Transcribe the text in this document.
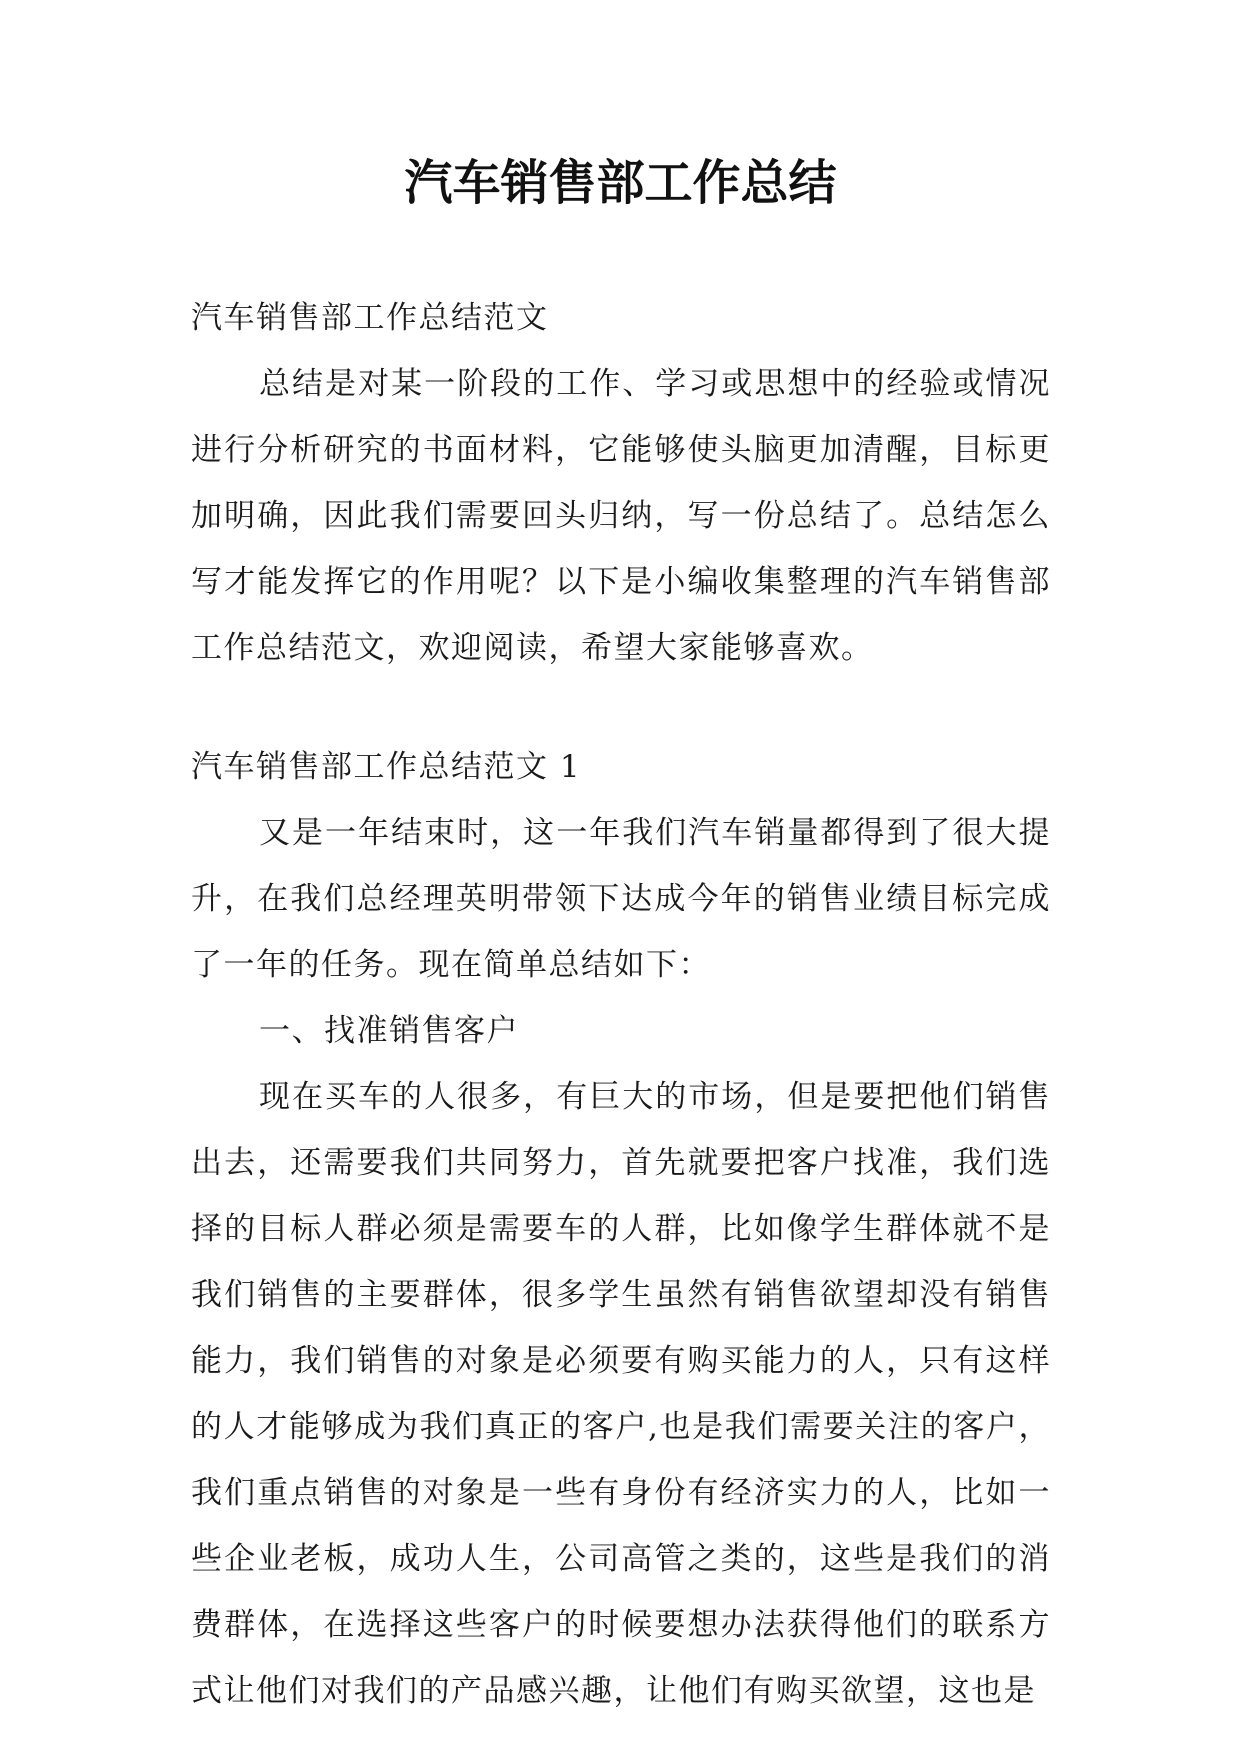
汽车销售部工作总结

汽车销售部工作总结范文

总结是对某一阶段的工作、学习或思想中的经验或情况进行分析研究的书面材料，它能够使头脑更加清醒，目标更加明确，因此我们需要回头归纳，写一份总结了。总结怎么写才能发挥它的作用呢？以下是小编收集整理的汽车销售部工作总结范文，欢迎阅读，希望大家能够喜欢。

汽车销售部工作总结范文 1

又是一年结束时，这一年我们汽车销量都得到了很大提升，在我们总经理英明带领下达成今年的销售业绩目标完成了一年的任务。现在简单总结如下：

一、找准销售客户

现在买车的人很多，有巨大的市场，但是要把他们销售出去，还需要我们共同努力，首先就要把客户找准，我们选择的目标人群必须是需要车的人群，比如像学生群体就不是我们销售的主要群体，很多学生虽然有销售欲望却没有销售能力，我们销售的对象是必须要有购买能力的人，只有这样的人才能够成为我们真正的客户,也是我们需要关注的客户，我们重点销售的对象是一些有身份有经济实力的人，比如一些企业老板，成功人生，公司高管之类的，这些是我们的消费群体，在选择这些客户的时候要想办法获得他们的联系方式让他们对我们的产品感兴趣，让他们有购买欲望，这也是
